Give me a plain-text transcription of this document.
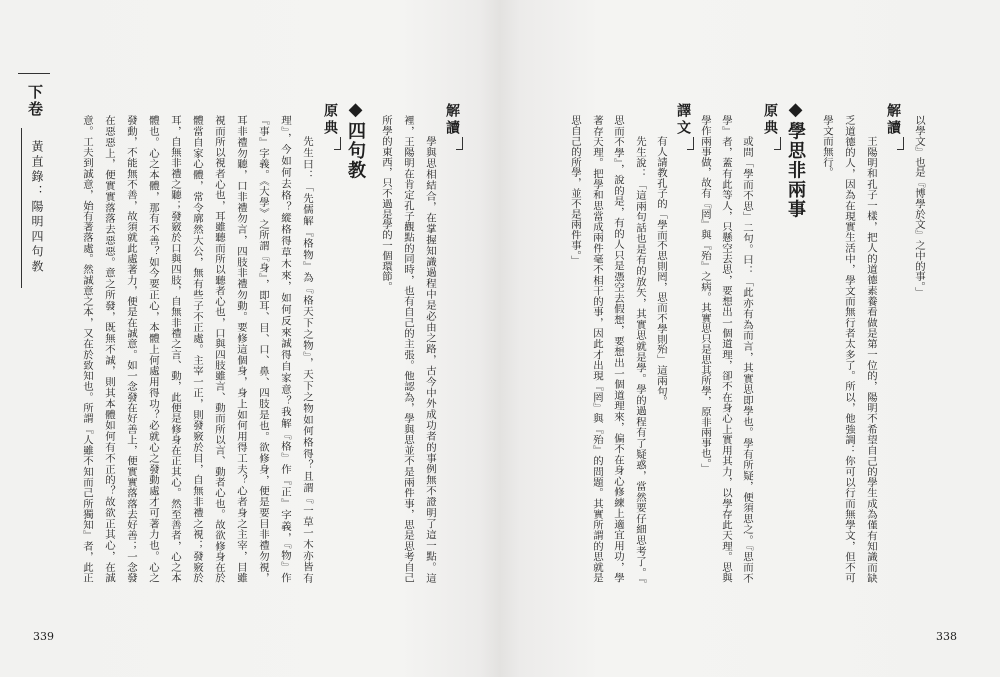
下卷
黃直錄：陽明四句教
解讀
學與思相結合，在掌握知識過程中是必由之路，古今中外成功者的事例無不證明了這一點。這
裡，王陽明在肯定孔子觀點的同時，也有自己的主張。他認為，學與思並不是兩件事，思是思考自己
所學的東西，只不過是學的一個環節。
◆四句教
原典
先生曰：「先儒解『格物』為『格天下之物』，天下之物如何格得？且謂『一草一木亦皆有
理』，今如何去格？縱格得草木來，如何反來誠得自家意？我解『格』作『正』字義，『物』作
『事』字義。《大學》之所謂『身』，即耳、目、口、鼻、四肢是也。欲修身，便是要目非禮勿視，
耳非禮勿聽，口非禮勿言，四肢非禮勿動。要修這個身，身上如何用得工夫？心者身之主宰，目雖
視而所以視者心也，耳雖聽而所以聽者心也，口與四肢雖言、動而所以言、動者心也。故欲修身在於
體當自家心體，常令廓然大公，無有些子不正處。主宰一正，則發竅於目，自無非禮之視；發竅於
耳，自無非禮之聽；發竅於口與四肢，自無非禮之言、動，此便是修身在正其心。然至善者，心之本
體也。心之本體，那有不善？如今要正心，本體上何處用得功？必就心之發動處才可著力也。心之
發動，不能無不善，故須就此處著力，便是在誠意。如一念發在好善上，便實實落落去好善；一念發
在惡惡上，便實實落落去惡惡。意之所發，既無不誠，則其本體如何有不正的？故欲正其心，在誠
意。工夫到誠意，始有著落處。然誠意之本，又在於致知也。所謂『人雖不知而己所獨知』者，此正
339
以學文』也是『博學於文』之中的事。」
解讀
王陽明和孔子一樣，把人的道德素養看做是第一位的，陽明不希望自己的學生成為僅有知識而缺
乏道德的人，因為在現實生活中，學文而無行者太多了。所以，他強調：你可以行而無學文，但不可
學文而無行。
◆學思非兩事
原典
或問「學而不思」二句。曰：「此亦有為而言，其實思即學也。學有所疑，便須思之。『思而不
學』者，蓋有此等人，只懸空去思，要想出一個道理，卻不在身心上實用其力，以學存此天理。思與
學作兩事做，故有『罔』與『殆』之病。其實思只是思其所學，原非兩事也。」
譯文
有人請教孔子的「學而不思則罔，思而不學則殆」這兩句。
先生說：「這兩句話也是有的放矢，其實思就是學。學的過程有了疑惑，當然要仔細思考了。『
思而不學』，說的是，有的人只是憑空去假想，要想出一個道理來，偏不在身心修練上適宜用功，學
著存天理。把學和思當成兩件毫不相干的事，因此才出現『罔』與『殆』的問題。其實所謂的思就是
思自己的所學，並不是兩件事。」
338
